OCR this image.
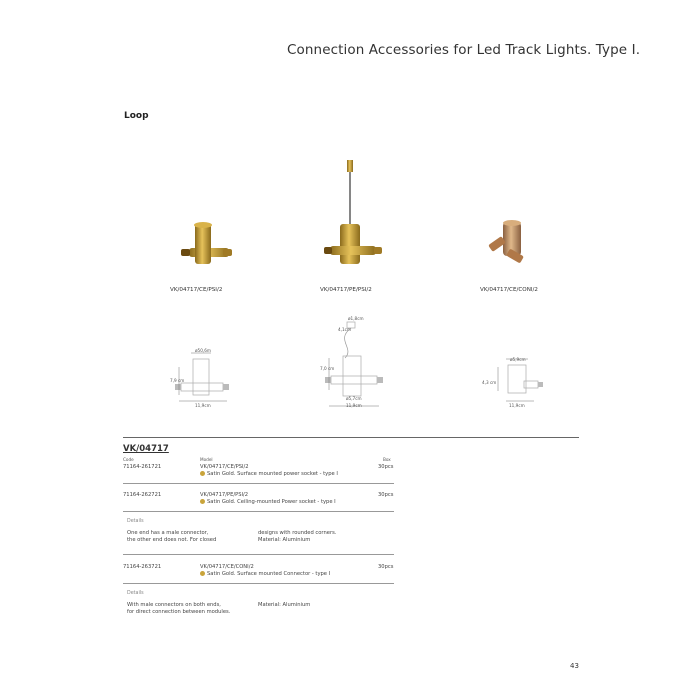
Connection Accessories for Led Track Lights. Type I.
Loop
VK/04717/CE/PSI/2	VK/04717/PE/PSI/2	VK/04717/CE/CONI/2
ø50,6m
7,9 cm
11,9cm
ø1,8cm
4,1cm
7,0 cm
ø5,7cm
11,9cm
ø5,9cm
4,3 cm
11,9cm
VK/04717
Code	Model	Box
71164-261721	VK/04717/CE/PSI/2	30pcs
Satin Gold. Surface mounted power socket - type I
71164-262721	VK/04717/PE/PSI/2	30pcs
Satin Gold. Ceiling-mounted Power socket - type I
Details
One end has a male connector,
the other end does not. For closed
designs with rounded corners.
Material: Aluminium
71164-263721	VK/04717/CE/CONI/2	30pcs
Satin Gold. Surface mounted Connector - type I
Details
With male connectors on both ends,
for direct connection between modules.
Material: Aluminium
43
